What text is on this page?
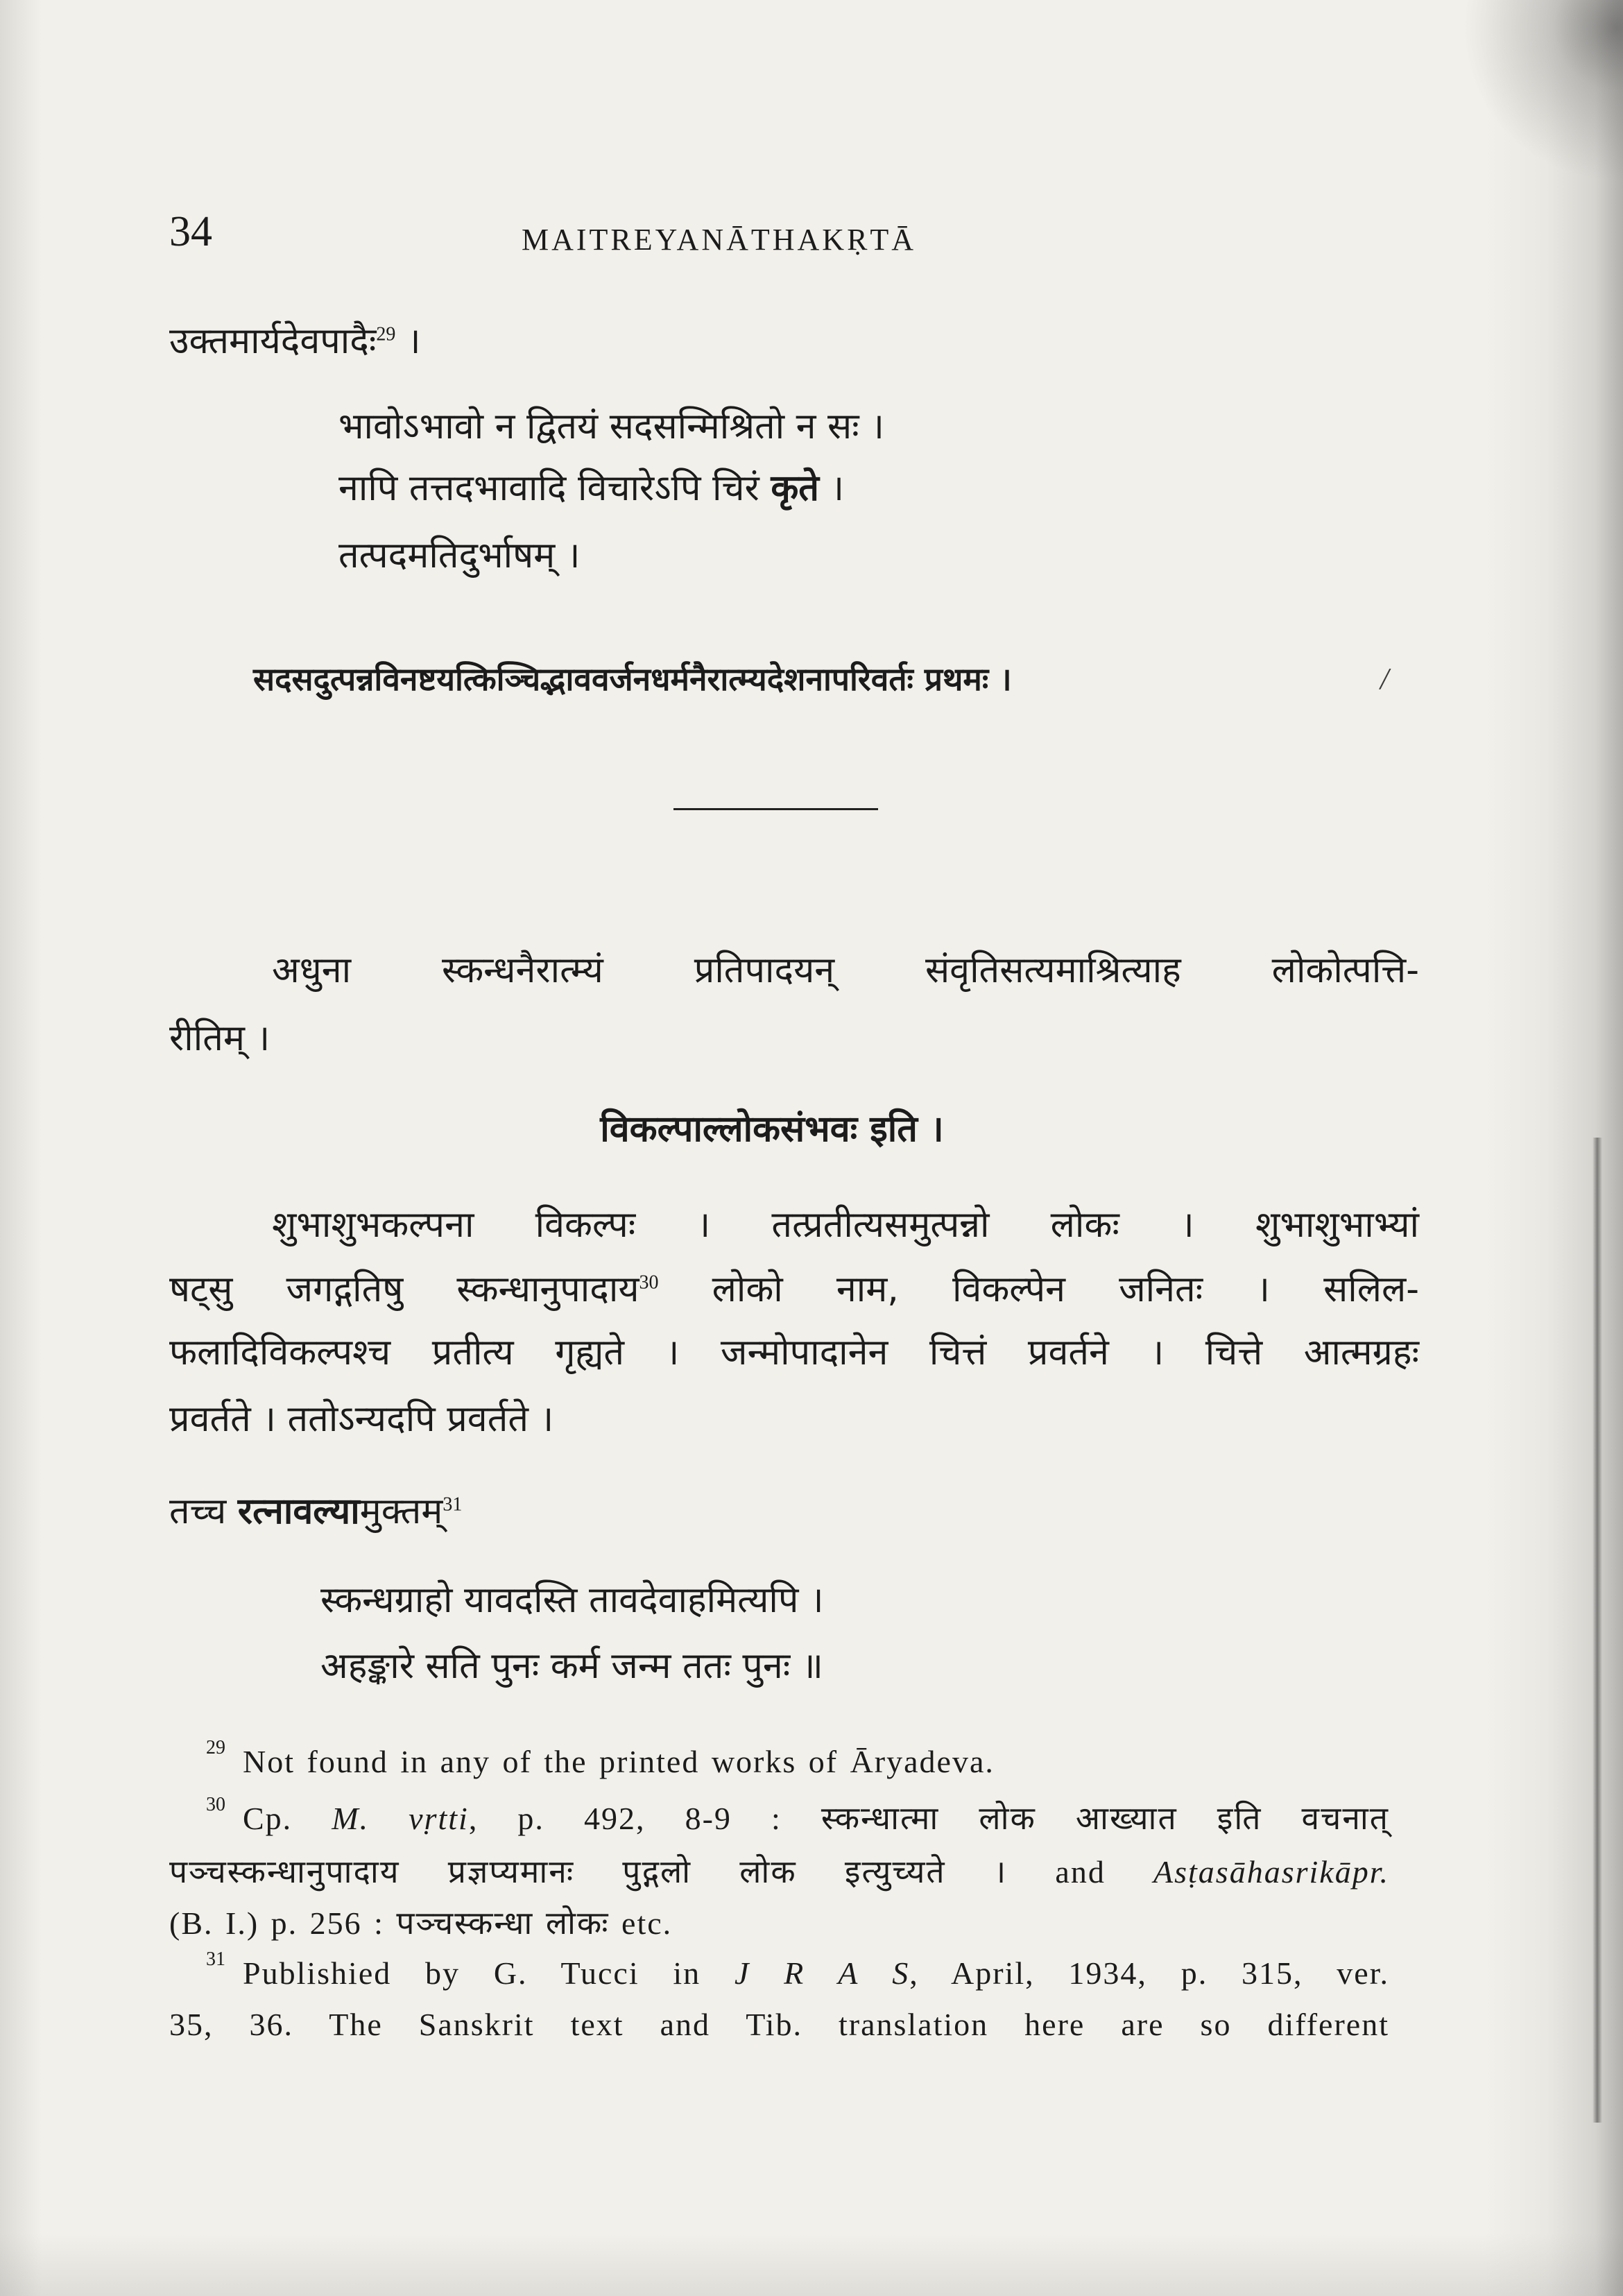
34	MAITREYANĀTHAKṚTĀ
उक्तमार्यदेवपादैः$^{29}$ ।
भावोऽभावो न द्वितयं सदसन्मिश्रितो न सः ।
नापि तत्तदभावादि विचारेऽपि चिरं कृते ।
तत्पदमतिदुर्भाषम् ।
सदसदुत्पन्नविनष्टयत्किञ्चिद्भाववर्जनधर्मनैरात्म्यदेशनापरिवर्तः प्रथमः ।	/
अधुना स्कन्धनैरात्म्यं प्रतिपादयन् संवृतिसत्यमाश्रित्याह लोकोत्पत्ति-
रीतिम् ।
विकल्पाल्लोकसंभवः इति ।
शुभाशुभकल्पना विकल्पः । तत्प्रतीत्यसमुत्पन्नो लोकः । शुभाशुभाभ्यां
षट्सु जगद्गतिषु स्कन्धानुपादाय$^{30}$ लोको नाम, विकल्पेन जनितः । सलिल-
फलादिविकल्पश्च प्रतीत्य गृह्यते । जन्मोपादानेन चित्तं प्रवर्तने । चित्ते आत्मग्रहः
प्रवर्तते । ततोऽन्यदपि प्रवर्तते ।
तच्च रत्नावल्यामुक्तम्$^{31}$
स्कन्धग्राहो यावदस्ति तावदेवाहमित्यपि ।
अहङ्कारे सति पुनः कर्म जन्म ततः पुनः ॥
29 Not found in any of the printed works of Āryadeva.
30 Cp. M. vṛtti, p. 492, 8-9 : स्कन्धात्मा लोक आख्यात इति वचनात्
पञ्चस्कन्धानुपादाय प्रज्ञप्यमानः पुद्गलो लोक इत्युच्यते । and Asṭasāhasrikāpr.
(B. I.) p. 256 : पञ्चस्कन्धा लोकः etc.
31 Publishied by G. Tucci in J R A S, April, 1934, p. 315, ver.
35, 36. The Sanskrit text and Tib. translation here are so different
